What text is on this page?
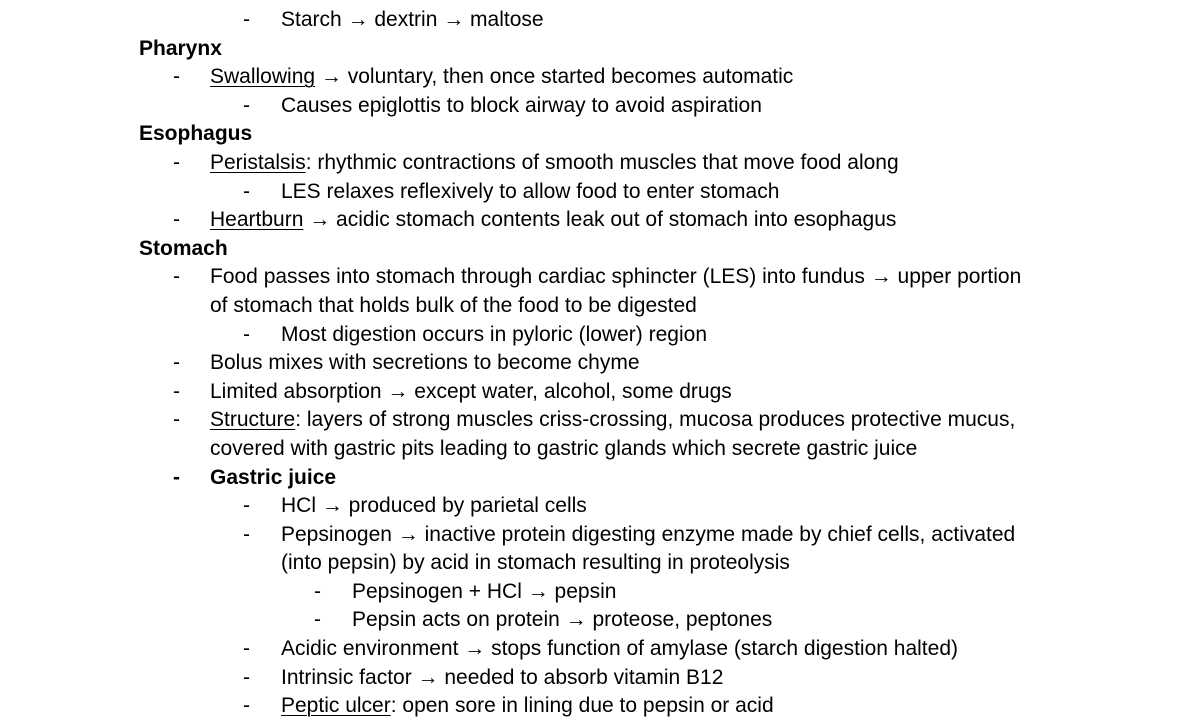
- Starch → dextrin → maltose
Pharynx
- Swallowing → voluntary, then once started becomes automatic
- Causes epiglottis to block airway to avoid aspiration
Esophagus
- Peristalsis: rhythmic contractions of smooth muscles that move food along
- LES relaxes reflexively to allow food to enter stomach
- Heartburn → acidic stomach contents leak out of stomach into esophagus
Stomach
- Food passes into stomach through cardiac sphincter (LES) into fundus → upper portion
of stomach that holds bulk of the food to be digested
- Most digestion occurs in pyloric (lower) region
- Bolus mixes with secretions to become chyme
- Limited absorption → except water, alcohol, some drugs
- Structure: layers of strong muscles criss-crossing, mucosa produces protective mucus,
covered with gastric pits leading to gastric glands which secrete gastric juice
- Gastric juice
- HCl → produced by parietal cells
- Pepsinogen → inactive protein digesting enzyme made by chief cells, activated
(into pepsin) by acid in stomach resulting in proteolysis
- Pepsinogen + HCl → pepsin
- Pepsin acts on protein → proteose, peptones
- Acidic environment → stops function of amylase (starch digestion halted)
- Intrinsic factor → needed to absorb vitamin B12
- Peptic ulcer: open sore in lining due to pepsin or acid
